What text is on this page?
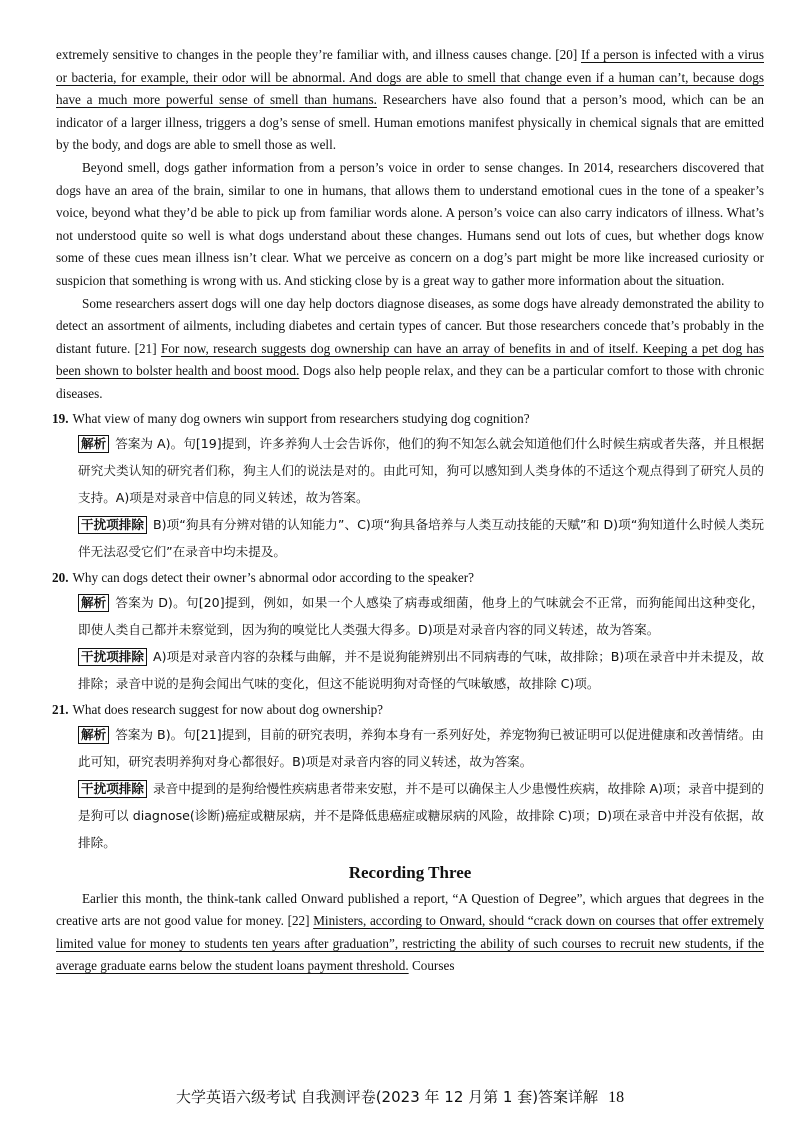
extremely sensitive to changes in the people they’re familiar with, and illness causes change. [20] If a person is infected with a virus or bacteria, for example, their odor will be abnormal. And dogs are able to smell that change even if a human can’t, because dogs have a much more powerful sense of smell than humans. Researchers have also found that a person’s mood, which can be an indicator of a larger illness, triggers a dog’s sense of smell. Human emotions manifest physically in chemical signals that are emitted by the body, and dogs are able to smell those as well.

Beyond smell, dogs gather information from a person’s voice in order to sense changes. In 2014, researchers discovered that dogs have an area of the brain, similar to one in humans, that allows them to understand emotional cues in the tone of a speaker’s voice, beyond what they’d be able to pick up from familiar words alone. A person’s voice can also carry indicators of illness. What’s not understood quite so well is what dogs understand about these changes. Humans send out lots of cues, but whether dogs know some of these cues mean illness isn’t clear. What we perceive as concern on a dog’s part might be more like increased curiosity or suspicion that something is wrong with us. And sticking close by is a great way to gather more information about the situation.

Some researchers assert dogs will one day help doctors diagnose diseases, as some dogs have already demonstrated the ability to detect an assortment of ailments, including diabetes and certain types of cancer. But those researchers concede that’s probably in the distant future. [21] For now, research suggests dog ownership can have an array of benefits in and of itself. Keeping a pet dog has been shown to bolster health and boost mood. Dogs also help people relax, and they can be a particular comfort to those with chronic diseases.

19. What view of many dog owners win support from researchers studying dog cognition?

解析 答案为 A)。句[19]提到，许多养狗人士会告诉你，他们的狗不知怎么就会知道他们什么时候生病或者失落，并且根据研究犬类认知的研究者们称，狗主人们的说法是对的。由此可知，狗可以感知到人类身体的不适这个观点得到了研究人员的支持。A)项是对录音中信息的同义转述，故为答案。

干扰项排除 B)项“狗具有分辨对错的认知能力”、C)项“狗具备培养与人类互动技能的天赋”和 D)项“狗知道什么时候人类玩伴无法忍受它们”在录音中均未提及。

20. Why can dogs detect their owner’s abnormal odor according to the speaker?

解析 答案为 D)。句[20]提到，例如，如果一个人感染了病毒或细菌，他身上的气味就会不正常，而狗能闻出这种变化，即使人类自己都并未察觉到，因为狗的嗅觉比人类强大得多。D)项是对录音内容的同义转述，故为答案。

干扰项排除 A)项是对录音内容的杂糅与曲解，并不是说狗能辨别出不同病毒的气味，故排除；B)项在录音中并未提及，故排除；录音中说的是狗会闻出气味的变化，但这不能说明狗对奇怪的气味敏感，故排除 C)项。

21. What does research suggest for now about dog ownership?

解析 答案为 B)。句[21]提到，目前的研究表明，养狗本身有一系列好处，养宠物狗已被证明可以促进健康和改善情绪。由此可知，研究表明养狗对身心都很好。B)项是对录音内容的同义转述，故为答案。

干扰项排除 录音中提到的是狗给慢性疾病患者带来安慰，并不是可以确保主人少患慢性疾病，故排除 A)项；录音中提到的是狗可以 diagnose(诊断)癌症或糖尿病，并不是降低患癌症或糖尿病的风险，故排除 C)项；D)项在录音中并没有依据，故排除。

Recording Three

Earlier this month, the think-tank called Onward published a report, “A Question of Degree”, which argues that degrees in the creative arts are not good value for money. [22] Ministers, according to Onward, should “crack down on courses that offer extremely limited value for money to students ten years after graduation”, restricting the ability of such courses to recruit new students, if the average graduate earns below the student loans payment threshold. Courses

大学英语六级考试 自我测评卷(2023 年 12 月第 1 套)答案详解 18
